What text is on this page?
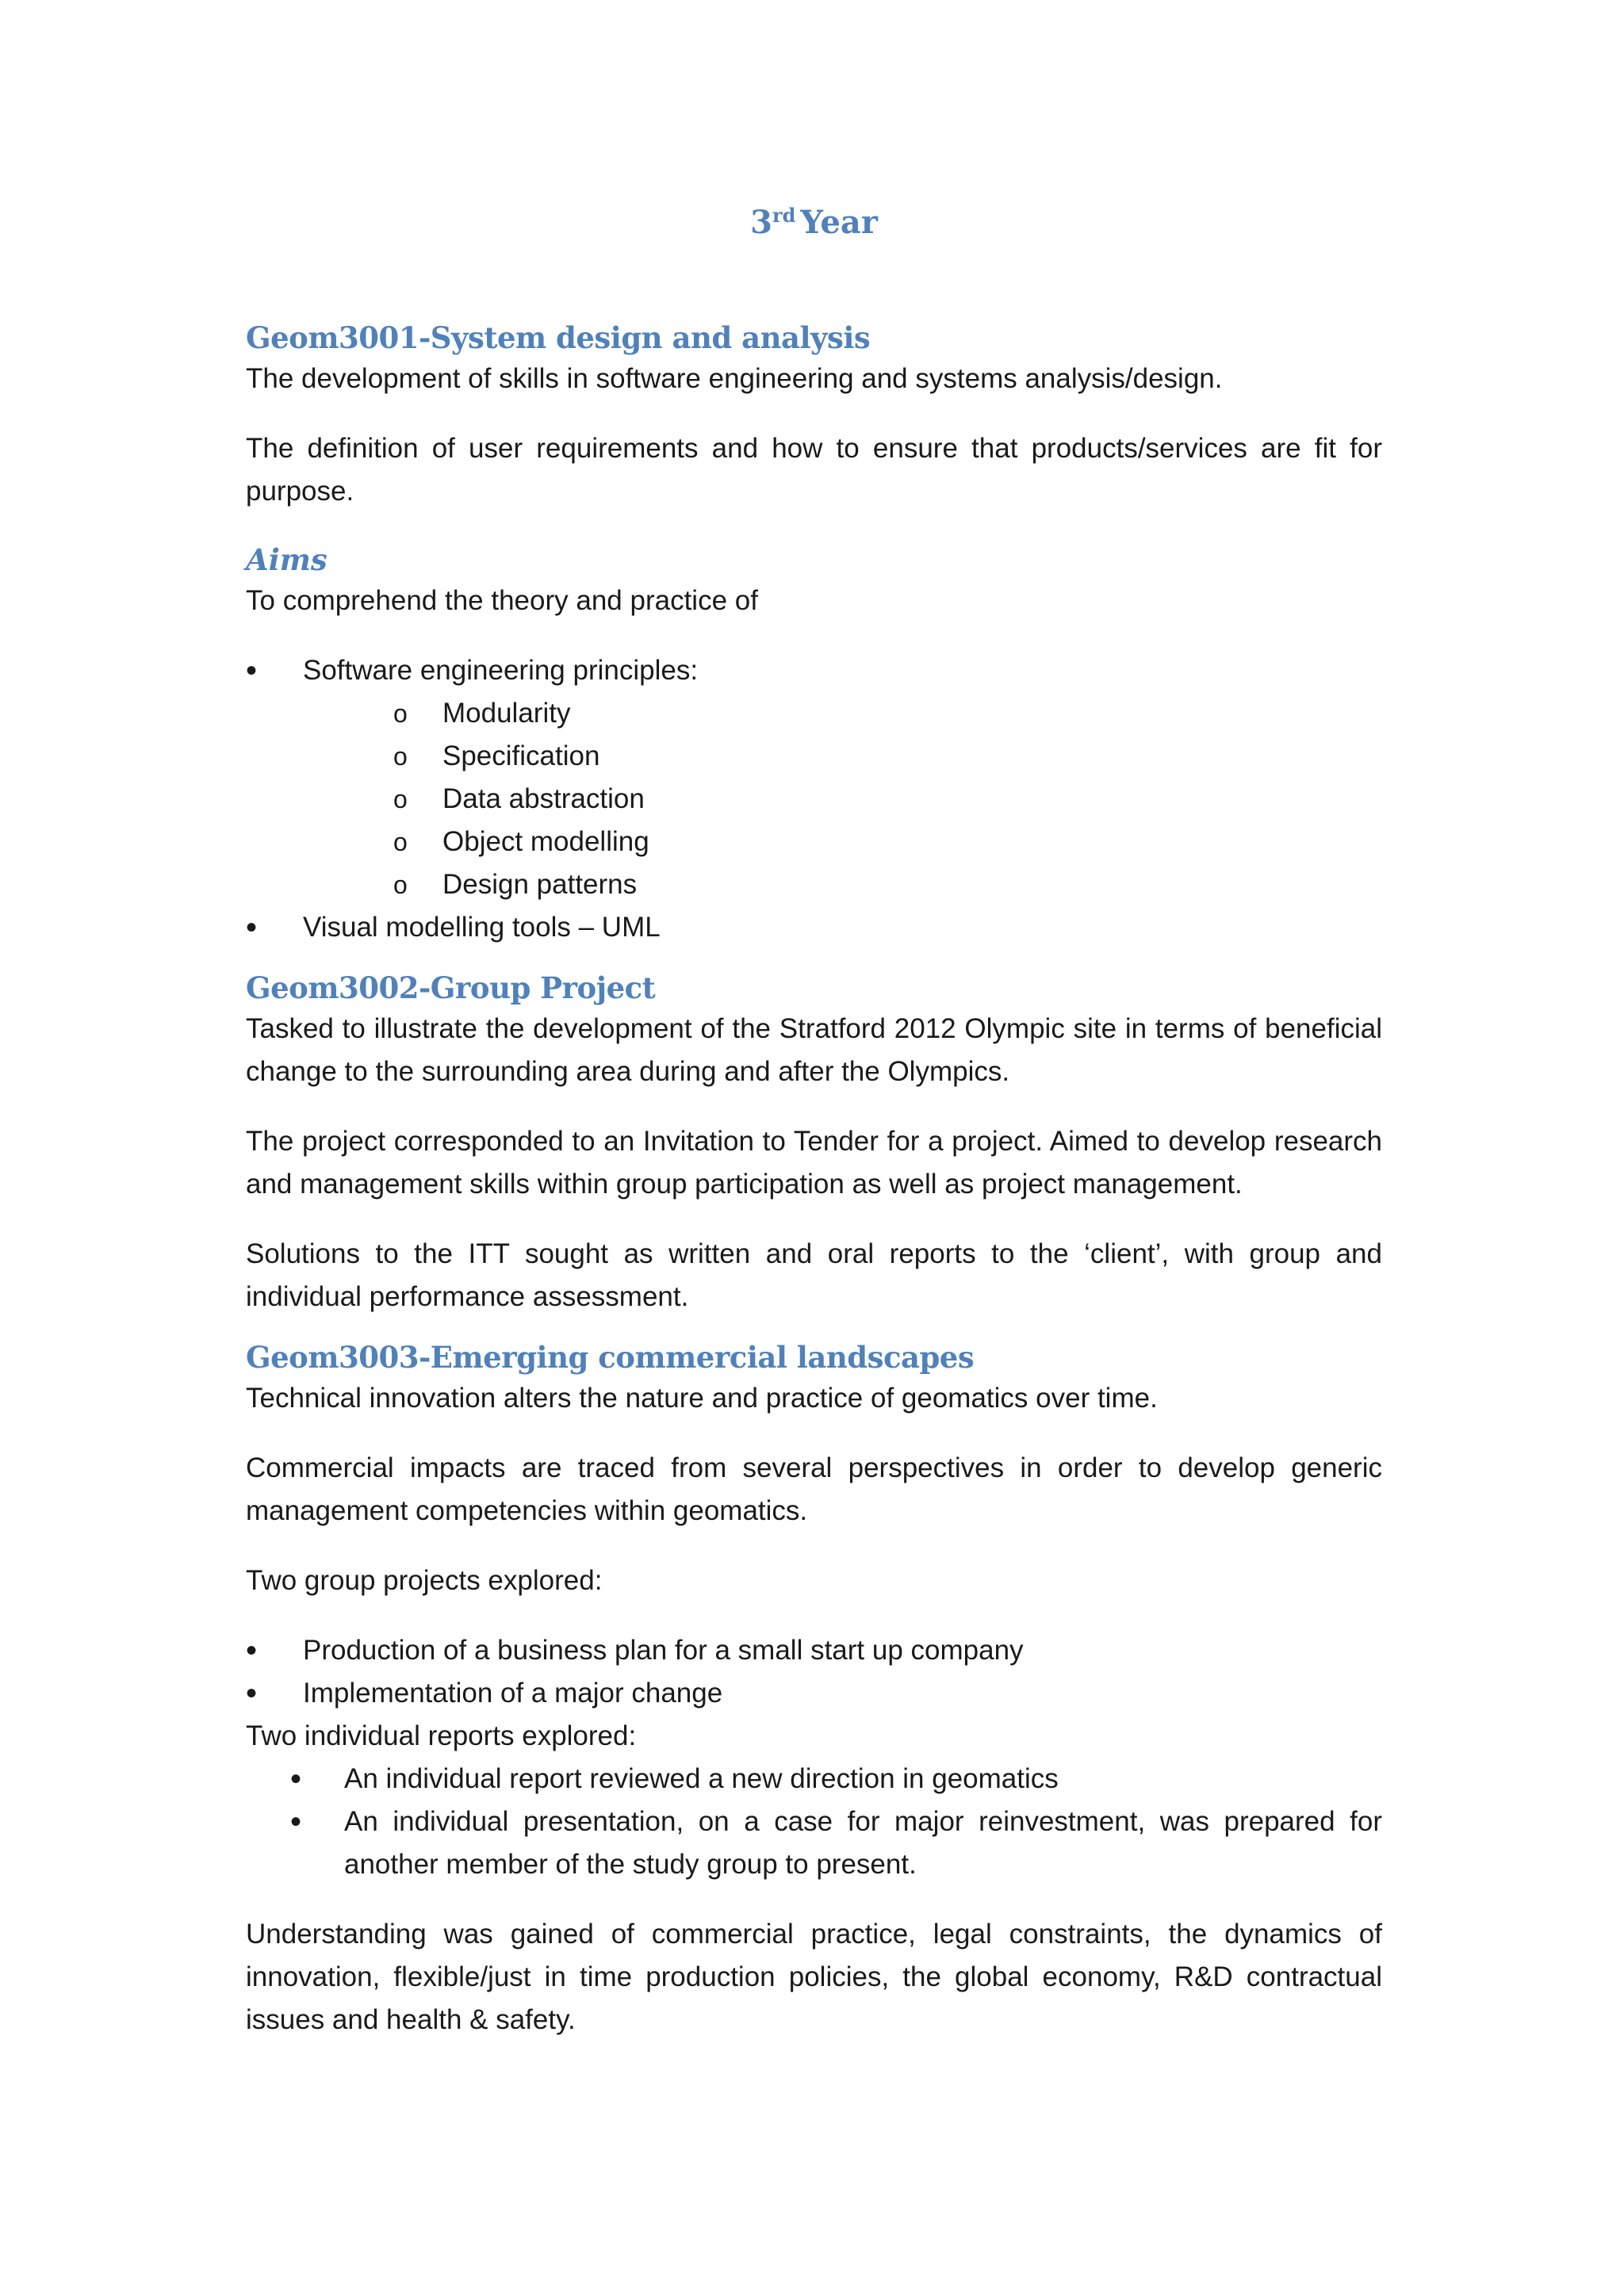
3rd Year
Geom3001-System design and analysis

The development of skills in software engineering and systems analysis/design.

The definition of user requirements and how to ensure that products/services are fit for purpose.

Aims

To comprehend the theory and practice of

• Software engineering principles:
o Modularity
o Specification
o Data abstraction
o Object modelling
o Design patterns
• Visual modelling tools – UML
Geom3002-Group Project

Tasked to illustrate the development of the Stratford 2012 Olympic site in terms of beneficial change to the surrounding area during and after the Olympics.

The project corresponded to an Invitation to Tender for a project. Aimed to develop research and management skills within group participation as well as project management.

Solutions to the ITT sought as written and oral reports to the ‘client’, with group and individual performance assessment.

Geom3003-Emerging commercial landscapes

Technical innovation alters the nature and practice of geomatics over time.

Commercial impacts are traced from several perspectives in order to develop generic management competencies within geomatics.

Two group projects explored:

• Production of a business plan for a small start up company
• Implementation of a major change

Two individual reports explored:

• An individual report reviewed a new direction in geomatics
• An individual presentation, on a case for major reinvestment, was prepared for another member of the study group to present.

Understanding was gained of commercial practice, legal constraints, the dynamics of innovation, flexible/just in time production policies, the global economy, R&D contractual issues and health & safety.
